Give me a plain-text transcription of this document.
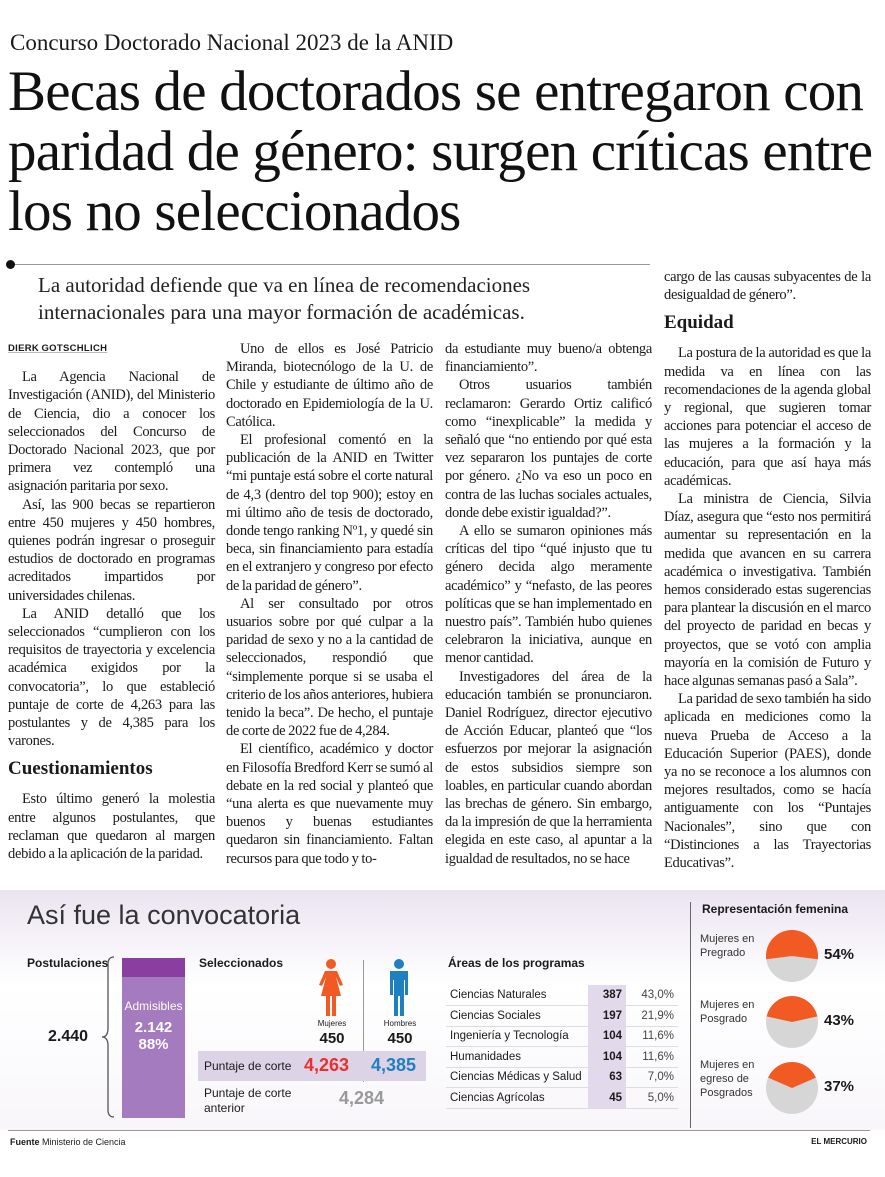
Concurso Doctorado Nacional 2023 de la ANID
Becas de doctorados se entregaron con paridad de género: surgen críticas entre los no seleccionados
La autoridad defiende que va en línea de recomendaciones internacionales para una mayor formación de académicas.
DIERK GOTSCHLICH

La Agencia Nacional de Investigación (ANID), del Ministerio de Ciencia, dio a conocer los seleccionados del Concurso de Doctorado Nacional 2023, que por primera vez contempló una asignación paritaria por sexo.

Así, las 900 becas se repartieron entre 450 mujeres y 450 hombres, quienes podrán ingresar o proseguir estudios de doctorado en programas acreditados impartidos por universidades chilenas.

La ANID detalló que los seleccionados “cumplieron con los requisitos de trayectoria y excelencia académica exigidos por la convocatoria”, lo que estableció puntaje de corte de 4,263 para las postulantes y de 4,385 para los varones.

Cuestionamientos

Esto último generó la molestia entre algunos postulantes, que reclaman que quedaron al margen debido a la aplicación de la paridad.

Uno de ellos es José Patricio Miranda, biotecnólogo de la U. de Chile y estudiante de último año de doctorado en Epidemiología de la U. Católica.

El profesional comentó en la publicación de la ANID en Twitter “mi puntaje está sobre el corte natural de 4,3 (dentro del top 900); estoy en mi último año de tesis de doctorado, donde tengo ranking Nº1, y quedé sin beca, sin financiamiento para estadía en el extranjero y congreso por efecto de la paridad de género”.

Al ser consultado por otros usuarios sobre por qué culpar a la paridad de sexo y no a la cantidad de seleccionados, respondió que “simplemente porque si se usaba el criterio de los años anteriores, hubiera tenido la beca”. De hecho, el puntaje de corte de 2022 fue de 4,284.

El científico, académico y doctor en Filosofía Bredford Kerr se sumó al debate en la red social y planteó que “una alerta es que nuevamente muy buenos y buenas estudiantes quedaron sin financiamiento. Faltan recursos para que todo y to-

da estudiante muy bueno/a obtenga financiamiento”.

Otros usuarios también reclamaron: Gerardo Ortiz calificó como “inexplicable” la medida y señaló que “no entiendo por qué esta vez separaron los puntajes de corte por género. ¿No va eso un poco en contra de las luchas sociales actuales, donde debe existir igualdad?”.

A ello se sumaron opiniones más críticas del tipo “qué injusto que tu género decida algo meramente académico” y “nefasto, de las peores políticas que se han implementado en nuestro país”. También hubo quienes celebraron la iniciativa, aunque en menor cantidad.

Investigadores del área de la educación también se pronunciaron. Daniel Rodríguez, director ejecutivo de Acción Educar, planteó que “los esfuerzos por mejorar la asignación de estos subsidios siempre son loables, en particular cuando abordan las brechas de género. Sin embargo, da la impresión de que la herramienta elegida en este caso, al apuntar a la igualdad de resultados, no se hace

cargo de las causas subyacentes de la desigualdad de género”.

Equidad

La postura de la autoridad es que la medida va en línea con las recomendaciones de la agenda global y regional, que sugieren tomar acciones para potenciar el acceso de las mujeres a la formación y la educación, para que así haya más académicas.

La ministra de Ciencia, Silvia Díaz, asegura que “esto nos permitirá aumentar su representación en la medida que avancen en su carrera académica o investigativa. También hemos considerado estas sugerencias para plantear la discusión en el marco del proyecto de paridad en becas y proyectos, que se votó con amplia mayoría en la comisión de Futuro y hace algunas semanas pasó a Sala”.

La paridad de sexo también ha sido aplicada en mediciones como la nueva Prueba de Acceso a la Educación Superior (PAES), donde ya no se reconoce a los alumnos con mejores resultados, como se hacía antiguamente con los “Puntajes Nacionales”, sino que con “Distinciones a las Trayectorias Educativas”.

Así fue la convocatoria
Postulaciones
2.440
Admisibles
2.142
88%
Seleccionados
Mujeres
450
Hombres
450
Puntaje de corte 4,263 4,385
Puntaje de corte anterior	4,284
Áreas de los programas
Ciencias Naturales	387	43,0%
Ciencias Sociales	197	21,9%
Ingeniería y Tecnología	104	11,6%
Humanidades	104	11,6%
Ciencias Médicas y Salud	63	7,0%
Ciencias Agrícolas	45	5,0%
Representación femenina
Mujeres en Pregrado	54%
Mujeres en Posgrado	43%
Mujeres en egreso de Posgrados	37%
Fuente Ministerio de Ciencia	EL MERCURIO
